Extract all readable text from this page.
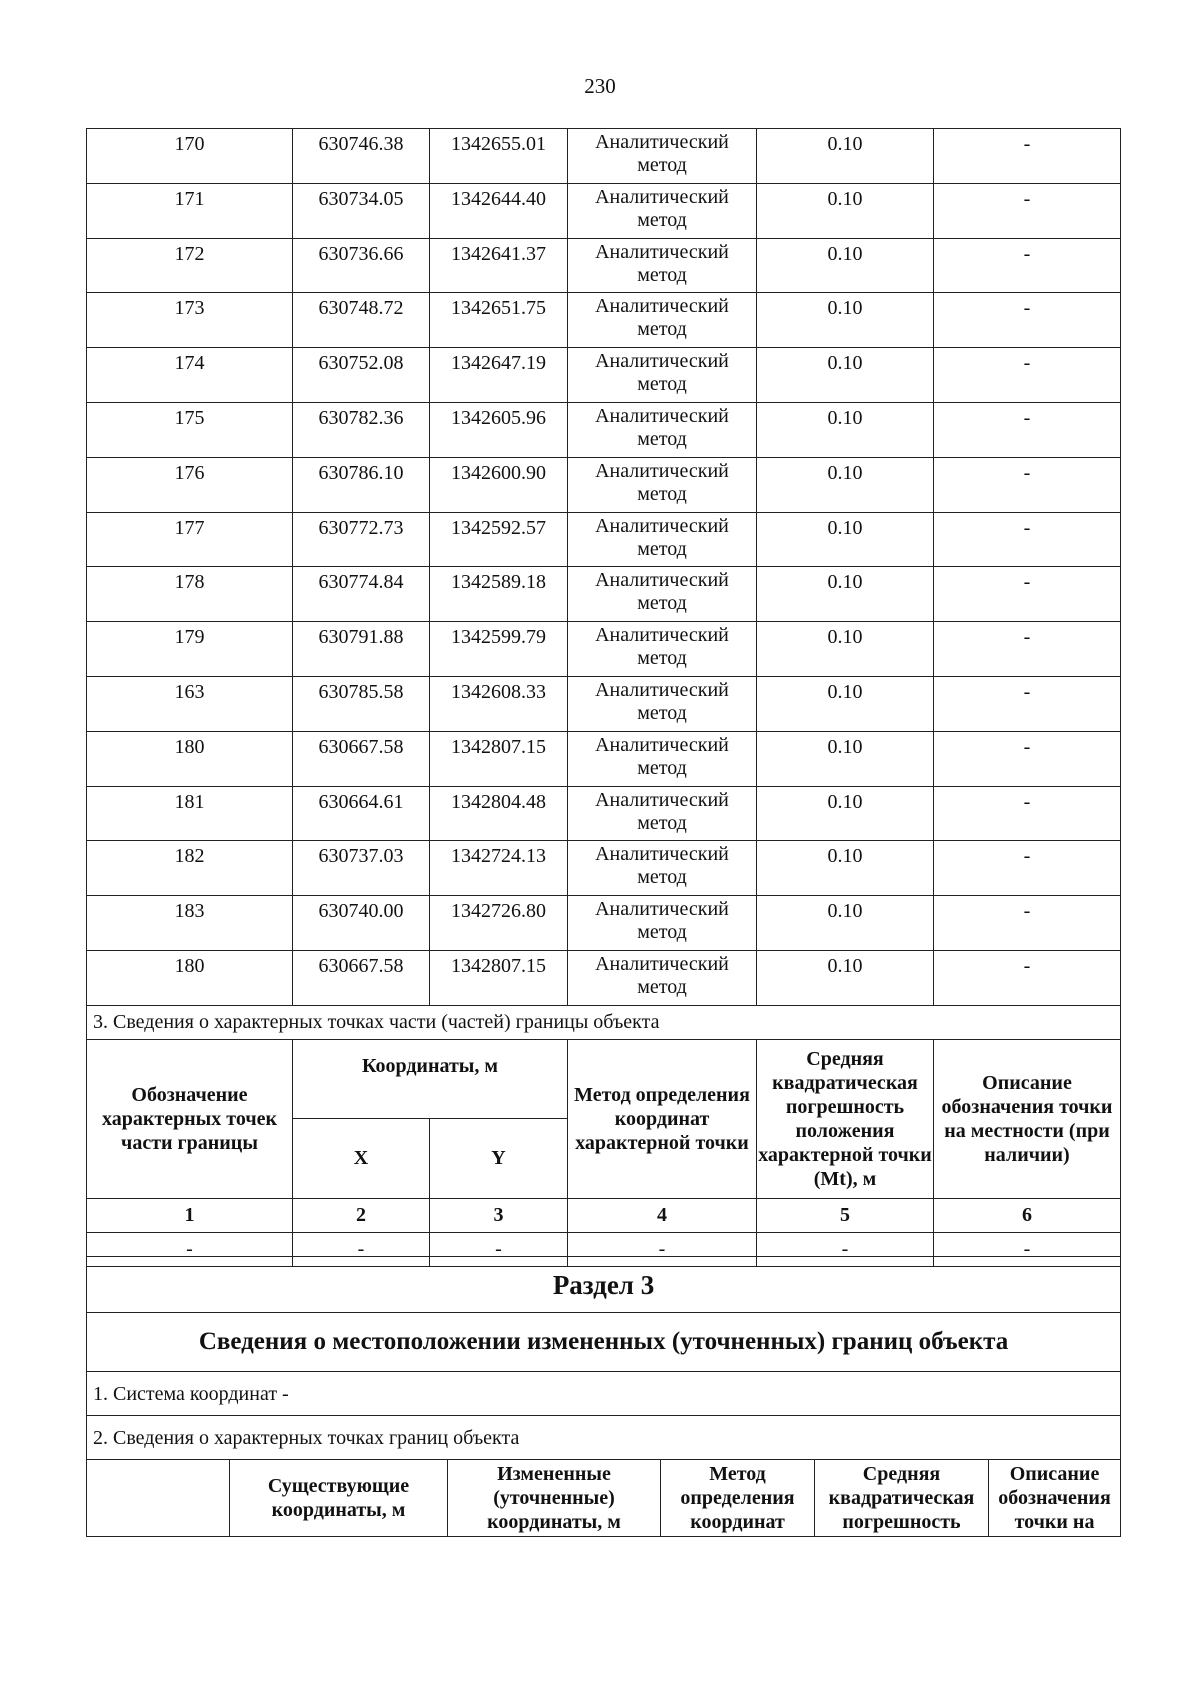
230
170	630746.38	1342655.01	Аналитический метод	0.10	-
171	630734.05	1342644.40	Аналитический метод	0.10	-
172	630736.66	1342641.37	Аналитический метод	0.10	-
173	630748.72	1342651.75	Аналитический метод	0.10	-
174	630752.08	1342647.19	Аналитический метод	0.10	-
175	630782.36	1342605.96	Аналитический метод	0.10	-
176	630786.10	1342600.90	Аналитический метод	0.10	-
177	630772.73	1342592.57	Аналитический метод	0.10	-
178	630774.84	1342589.18	Аналитический метод	0.10	-
179	630791.88	1342599.79	Аналитический метод	0.10	-
163	630785.58	1342608.33	Аналитический метод	0.10	-
180	630667.58	1342807.15	Аналитический метод	0.10	-
181	630664.61	1342804.48	Аналитический метод	0.10	-
182	630737.03	1342724.13	Аналитический метод	0.10	-
183	630740.00	1342726.80	Аналитический метод	0.10	-
180	630667.58	1342807.15	Аналитический метод	0.10	-
3. Сведения о характерных точках части (частей) границы объекта					
Обозначение характерных точек части границы	Координаты, м		Метод определения координат характерной точки	Средняя квадратическая погрешность положения характерной точки (Mt), м	Описание обозначения точки на местности (при наличии)
	X	Y			
1	2	3	4	5	6
-	-	-	-	-	-
Раздел 3
Сведения о местоположении измененных (уточненных) границ объекта
1. Система координат -
2. Сведения о характерных точках границ объекта
	Существующие координаты, м	Измененные (уточненные) координаты, м	Метод определения координат	Средняя квадратическая погрешность	Описание обозначения точки на
